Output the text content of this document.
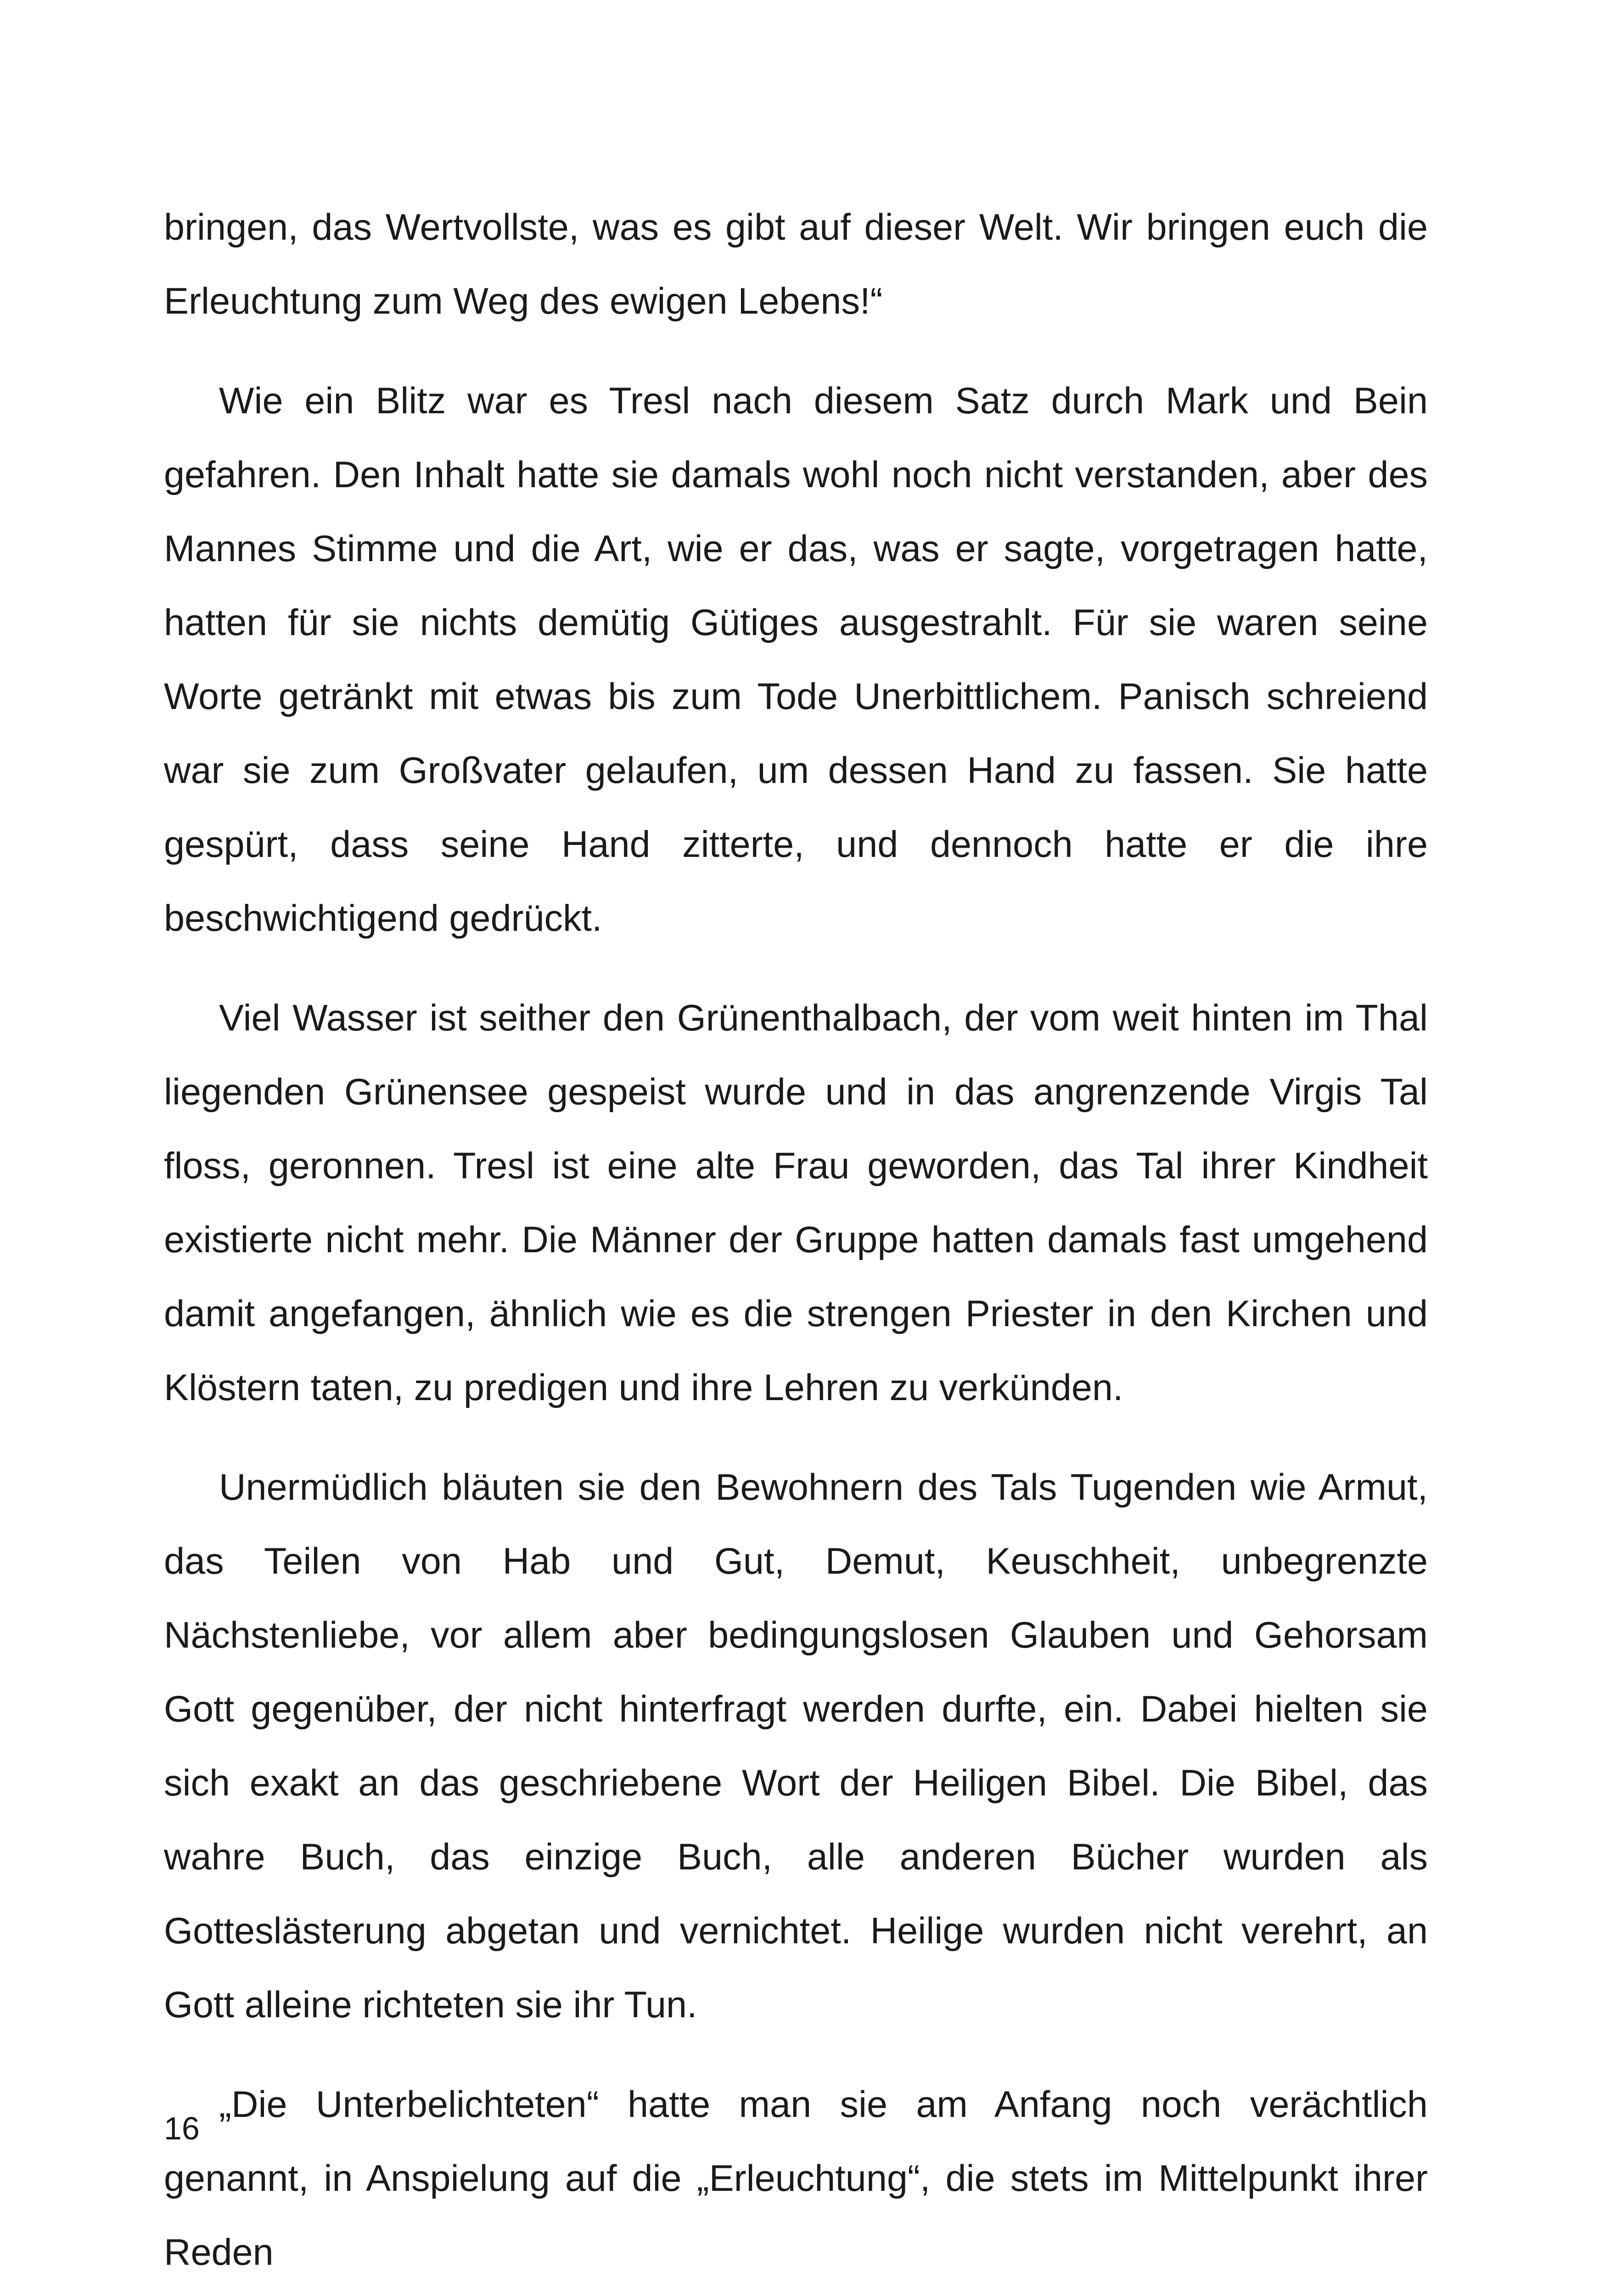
bringen, das Wertvollste, was es gibt auf dieser Welt. Wir bringen euch die Erleuchtung zum Weg des ewigen Lebens!“

Wie ein Blitz war es Tresl nach diesem Satz durch Mark und Bein gefahren. Den Inhalt hatte sie damals wohl noch nicht verstanden, aber des Mannes Stimme und die Art, wie er das, was er sagte, vorgetragen hatte, hatten für sie nichts demütig Gütiges ausgestrahlt. Für sie waren seine Worte getränkt mit etwas bis zum Tode Unerbittlichem. Panisch schreiend war sie zum Großvater gelaufen, um dessen Hand zu fassen. Sie hatte gespürt, dass seine Hand zitterte, und dennoch hatte er die ihre beschwichtigend gedrückt.

Viel Wasser ist seither den Grünenthalbach, der vom weit hinten im Thal liegenden Grünensee gespeist wurde und in das angrenzende Virgis Tal floss, geronnen. Tresl ist eine alte Frau geworden, das Tal ihrer Kindheit existierte nicht mehr. Die Männer der Gruppe hatten damals fast umgehend damit angefangen, ähnlich wie es die strengen Priester in den Kirchen und Klöstern taten, zu predigen und ihre Lehren zu verkünden.

Unermüdlich bläuten sie den Bewohnern des Tals Tugenden wie Armut, das Teilen von Hab und Gut, Demut, Keuschheit, unbegrenzte Nächstenliebe, vor allem aber bedingungslosen Glauben und Gehorsam Gott gegenüber, der nicht hinterfragt werden durfte, ein. Dabei hielten sie sich exakt an das geschriebene Wort der Heiligen Bibel. Die Bibel, das wahre Buch, das einzige Buch, alle anderen Bücher wurden als Gotteslästerung abgetan und vernichtet. Heilige wurden nicht verehrt, an Gott alleine richteten sie ihr Tun.

„Die Unterbelichteten“ hatte man sie am Anfang noch verächtlich genannt, in Anspielung auf die „Erleuchtung“, die stets im Mittelpunkt ihrer Reden

16
